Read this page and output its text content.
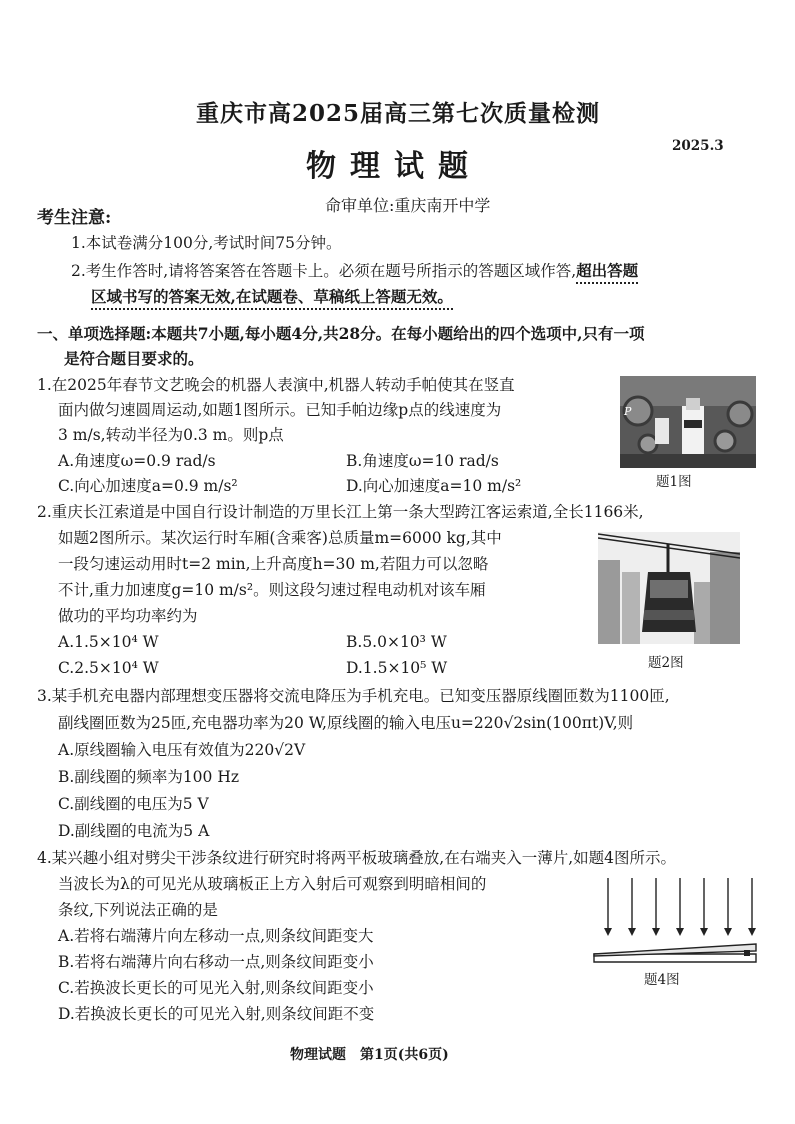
重庆市高2025届高三第七次质量检测
2025.3
物理试题
命审单位:重庆南开中学
考生注意:
1.本试卷满分100分,考试时间75分钟。
2.考生作答时,请将答案答在答题卡上。必须在题号所指示的答题区域作答,超出答题
区域书写的答案无效,在试题卷、草稿纸上答题无效。
一、单项选择题:本题共7小题,每小题4分,共28分。在每小题给出的四个选项中,只有一项
是符合题目要求的。
1.在2025年春节文艺晚会的机器人表演中,机器人转动手帕使其在竖直
面内做匀速圆周运动,如题1图所示。已知手帕边缘p点的线速度为
3 m/s,转动半径为0.3 m。则p点
A.角速度ω=0.9 rad/s	B.角速度ω=10 rad/s
C.向心加速度a=0.9 m/s²	D.向心加速度a=10 m/s²
P
题1图
2.重庆长江索道是中国自行设计制造的万里长江上第一条大型跨江客运索道,全长1166米,
如题2图所示。某次运行时车厢(含乘客)总质量m=6000 kg,其中
一段匀速运动用时t=2 min,上升高度h=30 m,若阻力可以忽略
不计,重力加速度g=10 m/s²。则这段匀速过程电动机对该车厢
做功的平均功率约为
A.1.5×10⁴ W	B.5.0×10³ W
C.2.5×10⁴ W	D.1.5×10⁵ W	题2图
3.某手机充电器内部理想变压器将交流电降压为手机充电。已知变压器原线圈匝数为1100匝,
副线圈匝数为25匝,充电器功率为20 W,原线圈的输入电压u=220√2sin(100πt)V,则
A.原线圈输入电压有效值为220√2V
B.副线圈的频率为100 Hz
C.副线圈的电压为5 V
D.副线圈的电流为5 A
4.某兴趣小组对劈尖干涉条纹进行研究时将两平板玻璃叠放,在右端夹入一薄片,如题4图所示。
当波长为λ的可见光从玻璃板正上方入射后可观察到明暗相间的
条纹,下列说法正确的是
A.若将右端薄片向左移动一点,则条纹间距变大
B.若将右端薄片向右移动一点,则条纹间距变小
C.若换波长更长的可见光入射,则条纹间距变小
D.若换波长更长的可见光入射,则条纹间距不变
题4图
物理试题　第1页(共6页)
